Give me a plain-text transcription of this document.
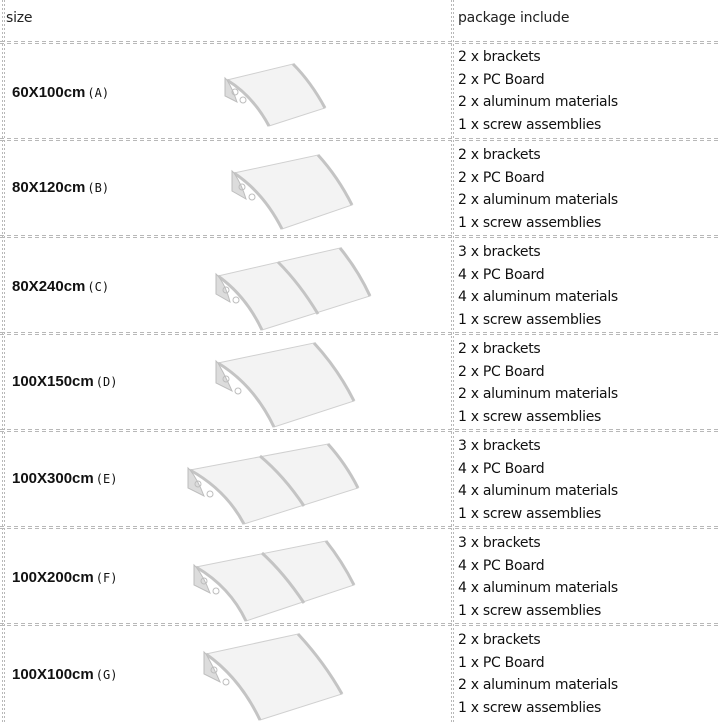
size	package include
60X100cm (A)
2 x brackets
2 x PC Board
2 x aluminum materials
1 x screw assemblies
80X120cm (B)
2 x brackets
2 x PC Board
2 x aluminum materials
1 x screw assemblies
80X240cm (C)
3 x brackets
4 x PC Board
4 x aluminum materials
1 x screw assemblies
100X150cm (D)
2 x brackets
2 x PC Board
2 x aluminum materials
1 x screw assemblies
100X300cm (E)
3 x brackets
4 x PC Board
4 x aluminum materials
1 x screw assemblies
100X200cm (F)
3 x brackets
4 x PC Board
4 x aluminum materials
1 x screw assemblies
100X100cm (G)
2 x brackets
1 x PC Board
2 x aluminum materials
1 x screw assemblies
